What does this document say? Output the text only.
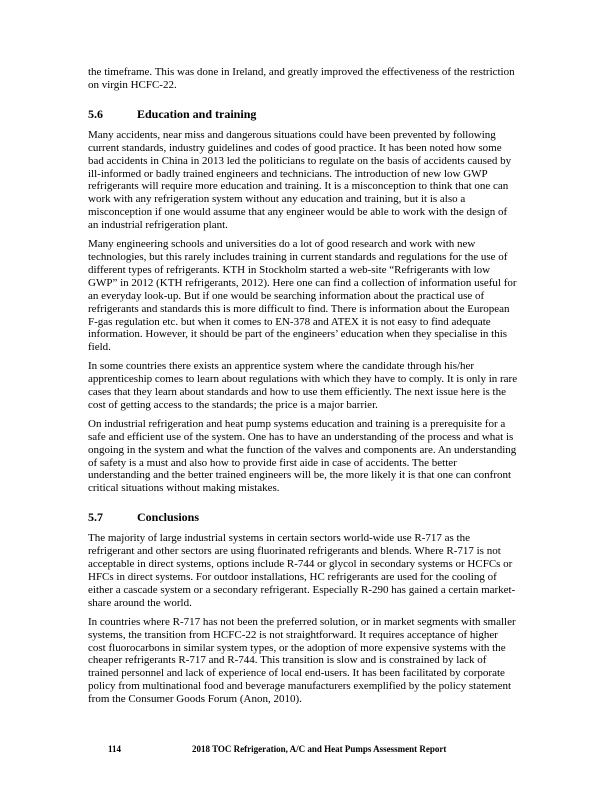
the timeframe. This was done in Ireland, and greatly improved the effectiveness of the restriction on virgin HCFC-22.

5.6	Education and training

Many accidents, near miss and dangerous situations could have been prevented by following current standards, industry guidelines and codes of good practice. It has been noted how some bad accidents in China in 2013 led the politicians to regulate on the basis of accidents caused by ill-informed or badly trained engineers and technicians. The introduction of new low GWP refrigerants will require more education and training. It is a misconception to think that one can work with any refrigeration system without any education and training, but it is also a misconception if one would assume that any engineer would be able to work with the design of an industrial refrigeration plant.

Many engineering schools and universities do a lot of good research and work with new technologies, but this rarely includes training in current standards and regulations for the use of different types of refrigerants. KTH in Stockholm started a web-site “Refrigerants with low GWP” in 2012 (KTH refrigerants, 2012). Here one can find a collection of information useful for an everyday look-up. But if one would be searching information about the practical use of refrigerants and standards this is more difficult to find. There is information about the European F-gas regulation etc. but when it comes to EN-378 and ATEX it is not easy to find adequate information. However, it should be part of the engineers’ education when they specialise in this field.

In some countries there exists an apprentice system where the candidate through his/her apprenticeship comes to learn about regulations with which they have to comply. It is only in rare cases that they learn about standards and how to use them efficiently. The next issue here is the cost of getting access to the standards; the price is a major barrier.

On industrial refrigeration and heat pump systems education and training is a prerequisite for a safe and efficient use of the system. One has to have an understanding of the process and what is ongoing in the system and what the function of the valves and components are. An understanding of safety is a must and also how to provide first aide in case of accidents. The better understanding and the better trained engineers will be, the more likely it is that one can confront critical situations without making mistakes.

5.7	Conclusions

The majority of large industrial systems in certain sectors world-wide use R-717 as the refrigerant and other sectors are using fluorinated refrigerants and blends. Where R-717 is not acceptable in direct systems, options include R-744 or glycol in secondary systems or HCFCs or HFCs in direct systems. For outdoor installations, HC refrigerants are used for the cooling of either a cascade system or a secondary refrigerant. Especially R-290 has gained a certain market-share around the world.

In countries where R-717 has not been the preferred solution, or in market segments with smaller systems, the transition from HCFC-22 is not straightforward. It requires acceptance of higher cost fluorocarbons in similar system types, or the adoption of more expensive systems with the cheaper refrigerants R-717 and R-744. This transition is slow and is constrained by lack of trained personnel and lack of experience of local end-users. It has been facilitated by corporate policy from multinational food and beverage manufacturers exemplified by the policy statement from the Consumer Goods Forum (Anon, 2010).

114	2018 TOC Refrigeration, A/C and Heat Pumps Assessment Report
